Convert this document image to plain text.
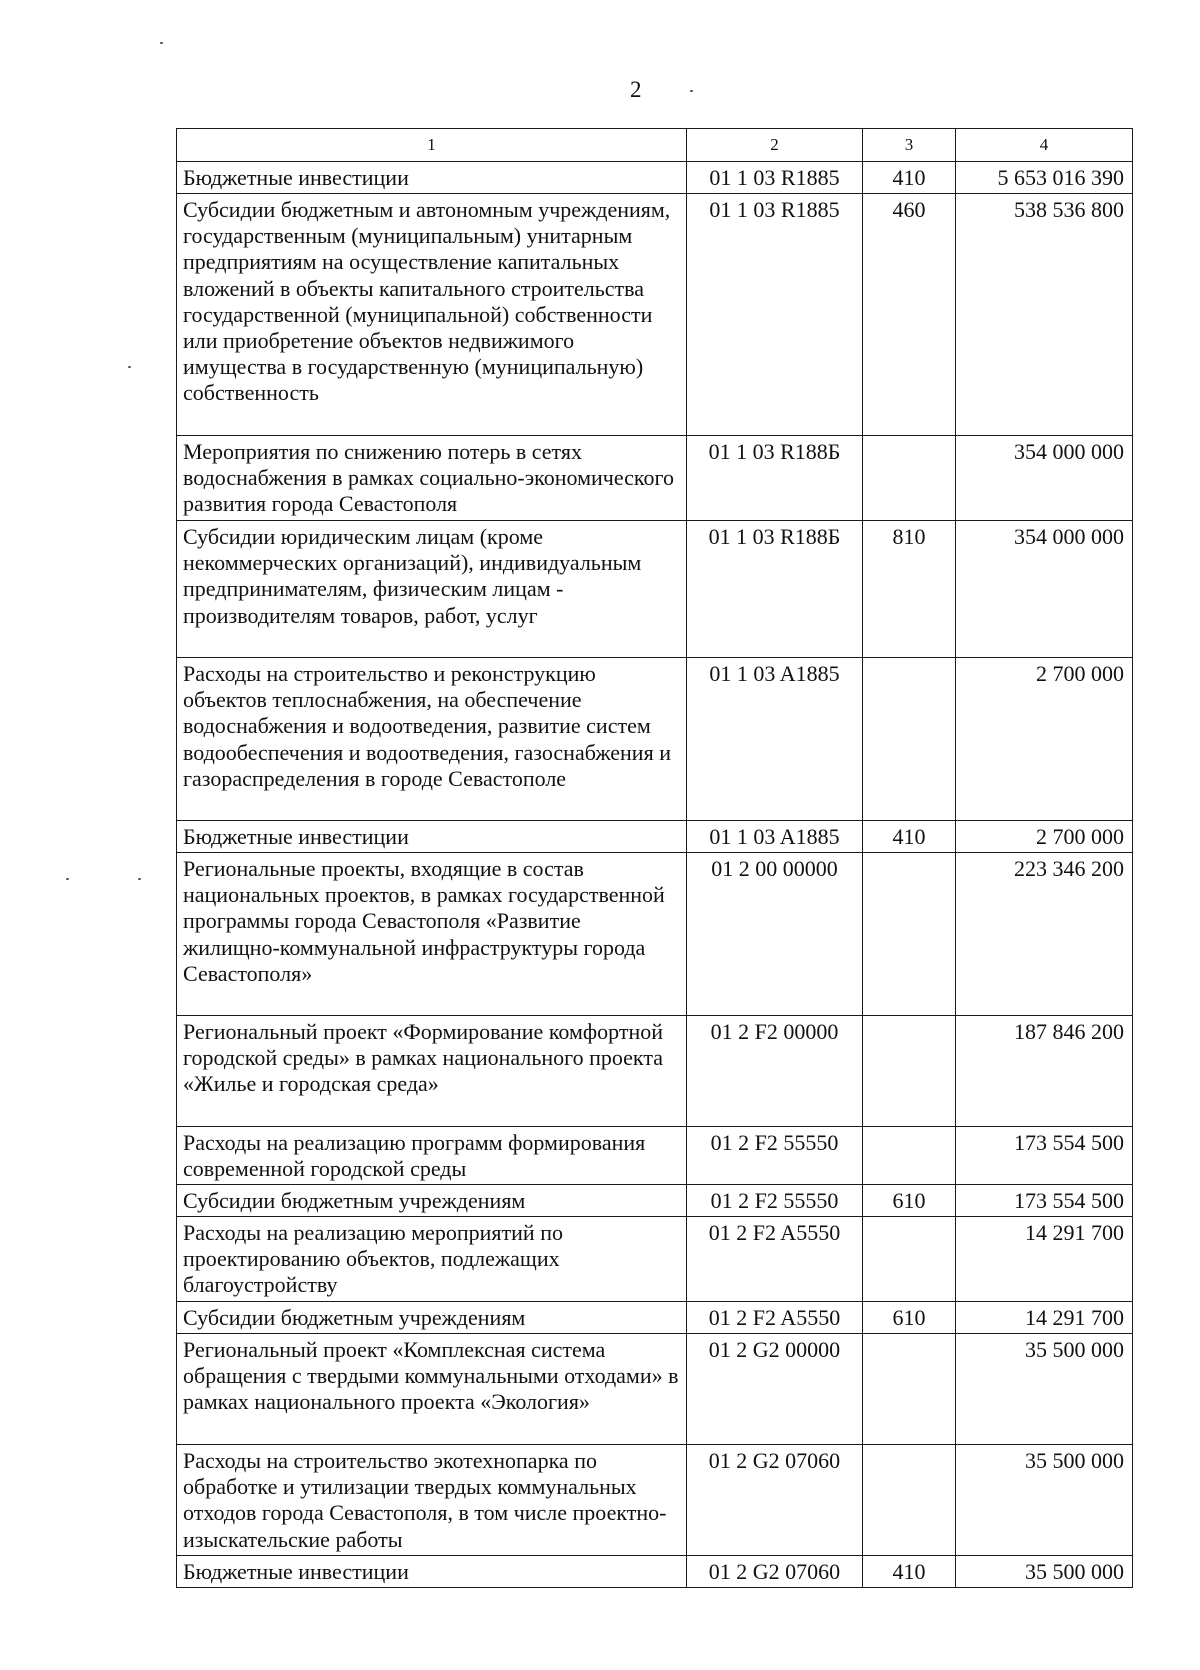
2
1	2	3	4
Бюджетные инвестиции	01 1 03 R1885	410	5 653 016 390
Субсидии бюджетным и автономным учреждениям, государственным (муниципальным) унитарным предприятиям на осуществление капитальных вложений в объекты капитального строительства государственной (муниципальной) собственности или приобретение объектов недвижимого имущества в государственную (муниципальную) собственность	01 1 03 R1885	460	538 536 800
Мероприятия по снижению потерь в сетях водоснабжения в рамках социально-экономического развития города Севастополя	01 1 03 R188Б		354 000 000
Субсидии юридическим лицам (кроме некоммерческих организаций), индивидуальным предпринимателям, физическим лицам - производителям товаров, работ, услуг	01 1 03 R188Б	810	354 000 000
Расходы на строительство и реконструкцию объектов теплоснабжения, на обеспечение водоснабжения и водоотведения, развитие систем водообеспечения и водоотведения, газоснабжения и газораспределения в городе Севастополе	01 1 03 A1885		2 700 000
Бюджетные инвестиции	01 1 03 A1885	410	2 700 000
Региональные проекты, входящие в состав национальных проектов, в рамках государственной программы города Севастополя «Развитие жилищно-коммунальной инфраструктуры города Севастополя»	01 2 00 00000		223 346 200
Региональный проект «Формирование комфортной городской среды» в рамках национального проекта «Жилье и городская среда»	01 2 F2 00000		187 846 200
Расходы на реализацию программ формирования современной городской среды	01 2 F2 55550		173 554 500
Субсидии бюджетным учреждениям	01 2 F2 55550	610	173 554 500
Расходы на реализацию мероприятий по проектированию объектов, подлежащих благоустройству	01 2 F2 A5550		14 291 700
Субсидии бюджетным учреждениям	01 2 F2 A5550	610	14 291 700
Региональный проект «Комплексная система обращения с твердыми коммунальными отходами» в рамках национального проекта «Экология»	01 2 G2 00000		35 500 000
Расходы на строительство экотехнопарка по обработке и утилизации твердых коммунальных отходов города Севастополя, в том числе проектно-изыскательские работы	01 2 G2 07060		35 500 000
Бюджетные инвестиции	01 2 G2 07060	410	35 500 000
